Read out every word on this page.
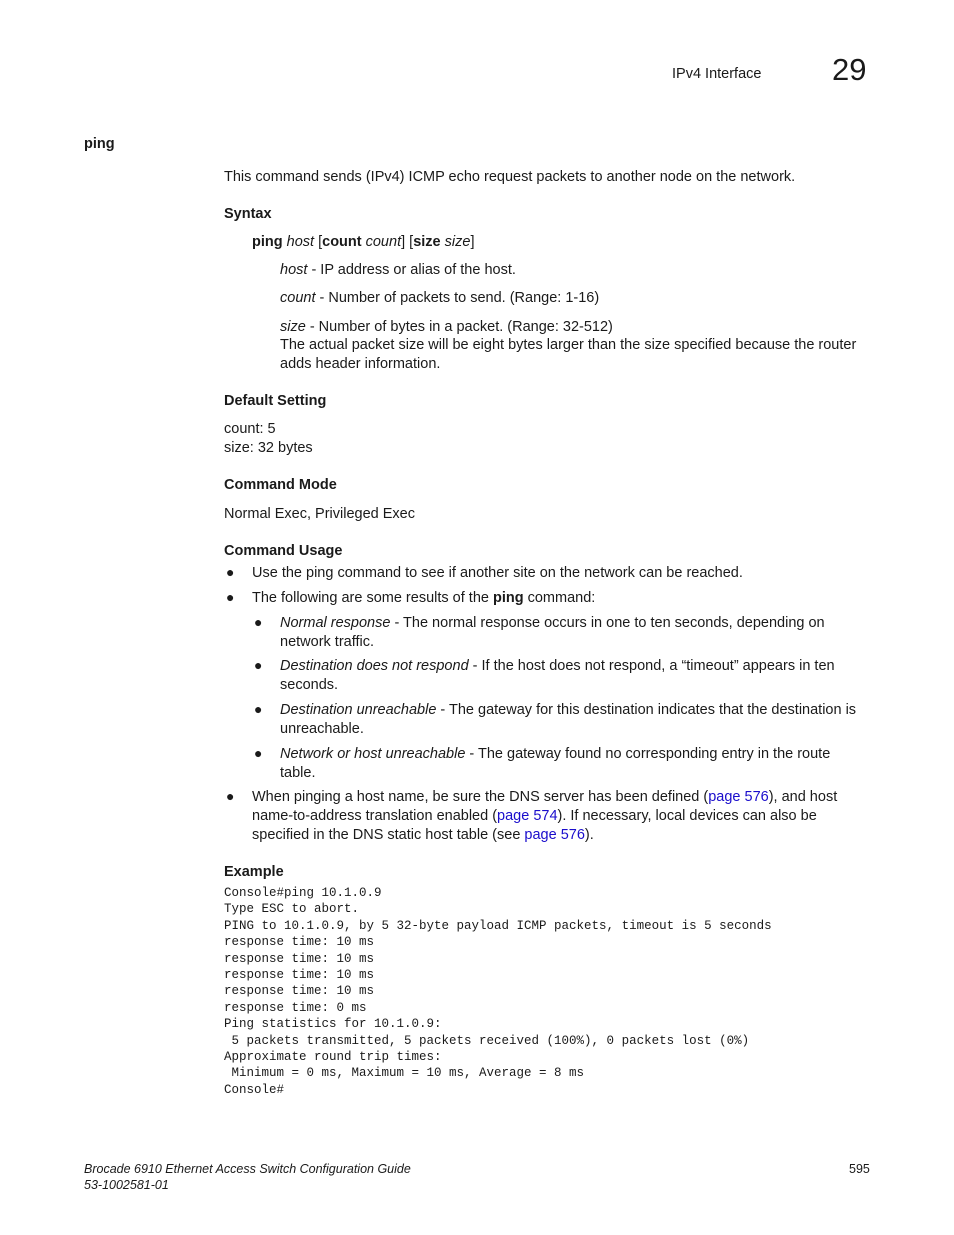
IPv4 Interface 29
ping
This command sends (IPv4) ICMP echo request packets to another node on the network.
Syntax
ping host [count count] [size size]
host - IP address or alias of the host.
count - Number of packets to send. (Range: 1-16)
size - Number of bytes in a packet. (Range: 32-512)
The actual packet size will be eight bytes larger than the size specified because the router
adds header information.
Default Setting
count: 5
size: 32 bytes
Command Mode
Normal Exec, Privileged Exec
Command Usage
● Use the ping command to see if another site on the network can be reached.
● The following are some results of the ping command:
● Normal response - The normal response occurs in one to ten seconds, depending on
network traffic.
● Destination does not respond - If the host does not respond, a “timeout” appears in ten
seconds.
● Destination unreachable - The gateway for this destination indicates that the destination is
unreachable.
● Network or host unreachable - The gateway found no corresponding entry in the route
table.
● When pinging a host name, be sure the DNS server has been defined (page 576), and host
name-to-address translation enabled (page 574). If necessary, local devices can also be
specified in the DNS static host table (see page 576).
Example
Console#ping 10.1.0.9
Type ESC to abort.
PING to 10.1.0.9, by 5 32-byte payload ICMP packets, timeout is 5 seconds
response time: 10 ms
response time: 10 ms
response time: 10 ms
response time: 10 ms
response time: 0 ms
Ping statistics for 10.1.0.9:
5 packets transmitted, 5 packets received (100%), 0 packets lost (0%)
Approximate round trip times:
Minimum = 0 ms, Maximum = 10 ms, Average = 8 ms
Console#
Brocade 6910 Ethernet Access Switch Configuration Guide
53-1002581-01
595
